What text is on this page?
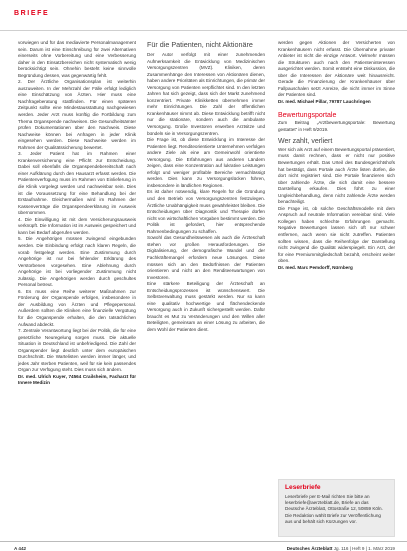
BRIEFE

vorwiegen und für das mediavierte Personalmanagement sein. Darum ist eine Einschreibung für zwei Alternativen einerseits ohne Vorbereitung und eine Verbesserung daher in den Einsatzbereichen nicht systematisch wenig berücksichtigt sein. Ohnehin besteht keine sinnvolle Begründung dessen, was gegenwärtig fehlt.

2. Der Ärztliche Organisationsplan ist weiterhin auszuweiten. In der Mehrzahl der Fälle erfolgt lediglich eine Einschätzung von Ärzten. Hier muss eine Nachfrageberatung stattfinden. Für einen späteren Zeitpunkt sollte eine Mindestausstattung nachgewiesen werden. Jeder Arzt muss künftig die Fortbildung zum Thema Organspende nachweisen. Die Gesundheitsämter prüfen Dokumentationen über den Nachweis. Diese Nachweise können bei Anfragen in jeder Klinik eingesehen werden. Diese Nachweise werden im Rahmen der Qualitätssicherung bewertet.

3. Jeder Patient hat im Rahmen einer Krankenversicherung eine Pflicht zur Entscheidung. Dabei soll ebenfalls die Organspendebereitschaft nach einer Aufklärung durch den Hausarzt erfasst werden. Die Patientenverfügung muss im Rahmen von Einlieferung in die Klinik vorgelegt werden und nachweisbar sein. Dies ist die Voraussetzung für eine Behandlung bei der Erstaufnahme. Gleichermaßen wird im Rahmen der Kassenverträge die Organspendeerklärung im Ausweis übernommen.

4. Die Einwilligung ist mit dem Versicherungsausweis verknüpft. Die Information ist im Ausweis gespeichert und kann bei Bedarf abgerufen werden.

5. Die Angehörigen müssen zwingend eingebunden werden. Die Einbindung erfolgt nach klaren Regeln, die vorab festgelegt werden. Eine Zustimmung durch Angehörige ist nur bei fehlender Erklärung des Verstorbenen vorgesehen. Eine Ablehnung durch Angehörige ist bei vorliegender Zustimmung nicht zulässig. Die Angehörigen werden durch geschultes Personal betreut.

6. Es muss eine Reihe weiterer Maßnahmen zur Förderung der Organspende erfolgen, insbesondere in der Ausbildung von Ärzten und Pflegepersonal. Außerdem sollten die Kliniken eine finanzielle Vergütung für die Organspende erhalten, die den tatsächlichen Aufwand abdeckt.

7. Zentrale Verantwortung liegt bei der Politik, die für eine gesetzliche Neuregelung sorgen muss. Die aktuelle Situation in Deutschland ist unbefriedigend. Die Zahl der Organspender liegt deutlich unter dem europäischen Durchschnitt. Die Wartelisten werden immer länger, und jedes Jahr sterben Patienten, weil für sie kein passendes Organ zur Verfügung steht. Dies muss sich ändern.

Dr. med. Ulrich Kuyer, 74564 Crailsheim, Facharzt für Innere Medizin

Für die Patienten, nicht Aktionäre

Der Autor verfolgt mit einer zunehmenden Aufmerksamkeit die Entwicklung von Medizinischen Versorgungszentren (MVZ). Kliniken, deren Zusammenhänge den Interessen von Aktionären dienen, haben andere Prioritäten als Einrichtungen, die primär der Versorgung von Patienten verpflichtet sind. In den letzten Jahren hat sich gezeigt, dass sich der Markt zunehmend konzentriert. Private Klinikketten übernehmen immer mehr Einrichtungen. Die Zahl der öffentlichen Krankenhäuser nimmt ab. Diese Entwicklung betrifft nicht nur die stationäre, sondern auch die ambulante Versorgung. Große Investoren erwerben Arztsitze und bündeln sie in Versorgungszentren.

Die Frage ist, ob diese Entwicklung im Interesse der Patienten liegt. Renditeorientierte Unternehmen verfolgen andere Ziele als eine am Gemeinwohl orientierte Versorgung. Die Erfahrungen aus anderen Ländern zeigen, dass eine Konzentration auf lukrative Leistungen erfolgt und weniger profitable Bereiche vernachlässigt werden. Dies kann zu Versorgungslücken führen, insbesondere in ländlichen Regionen.

Es ist daher notwendig, klare Regeln für die Gründung und den Betrieb von Versorgungszentren festzulegen. Ärztliche Unabhängigkeit muss gewährleistet bleiben. Die Entscheidungen über Diagnostik und Therapie dürfen nicht von wirtschaftlichen Vorgaben bestimmt werden. Die Politik ist gefordert, hier entsprechende Rahmenbedingungen zu schaffen.

Sowohl das Gesundheitswesen als auch die Ärzteschaft stehen vor großen Herausforderungen. Die Digitalisierung, der demografische Wandel und der Fachkräftemangel erfordern neue Lösungen. Diese müssen sich an den Bedürfnissen der Patienten orientieren und nicht an den Renditeerwartungen von Investoren.

Eine stärkere Beteiligung der Ärzteschaft an Entscheidungsprozessen ist wünschenswert. Die Selbstverwaltung muss gestärkt werden. Nur so kann eine qualitativ hochwertige und flächendeckende Versorgung auch in Zukunft sichergestellt werden. Dafür braucht es Mut zu Veränderungen und den Willen aller Beteiligten, gemeinsam an einer Lösung zu arbeiten, die dem Wohl der Patienten dient.

werden gegen Aktionen der Versicherten von Krankenhäusern nicht erfasst. Die Übernahme privater Anbieter ist nicht die einzige Antwort. Vielmehr müssen die Strukturen auch nach den Patienteninteressen ausgerichtet werden. Somit entsteht eine Diskussion, die über die Interessen der Aktionäre weit hinausreicht. Gerade die Finanzierung der Krankenhäuser über Fallpauschalen setzt Anreize, die nicht immer im Sinne der Patienten sind.

Dr. med. Michael Pillar, 79787 Lauchringen

Bewertungsportale

Zum Beitrag „Arztbewertungsportale: Bewertung gestattet“ in Heft 9/2019.

Wer zahlt, verliert

Wer sich als Arzt auf einem Bewertungsportal präsentiert, muss damit rechnen, dass er nicht nur positive Bewertungen erhält. Das Urteil des Bundesgerichtshofs hat bestätigt, dass Portale auch Ärzte listen dürfen, die dort nicht registriert sind. Die Portale finanzieren sich über zahlende Ärzte, die sich damit eine bessere Darstellung erkaufen. Dies führt zu einer Ungleichbehandlung, denn nicht zahlende Ärzte werden benachteiligt.

Die Frage ist, ob solche Geschäftsmodelle mit dem Anspruch auf neutrale Information vereinbar sind. Viele Kollegen haben schlechte Erfahrungen gemacht. Negative Bewertungen lassen sich oft nur schwer entfernen, auch wenn sie nicht zutreffen. Patienten sollten wissen, dass die Reihenfolge der Darstellung nicht zwingend die Qualität widerspiegelt. Ein Arzt, der für eine Premiummitgliedschaft bezahlt, erscheint weiter oben.

Dr. med. Marc Pemdorff, Nürnberg

Leserbriefe

Leserbriefe per E-Mail richten Sie bitte an leserbriefe@aerzteblatt.de, Briefe an das Deutsche Ärzteblatt, Ottostraße 12, 50859 Köln. Die Redaktion wählt Briefe zur Veröffentlichung aus und behält sich Kürzungen vor.

A 442	Deutsches Ärzteblatt Jg. 116 | Heft 9 | 1. März 2019
